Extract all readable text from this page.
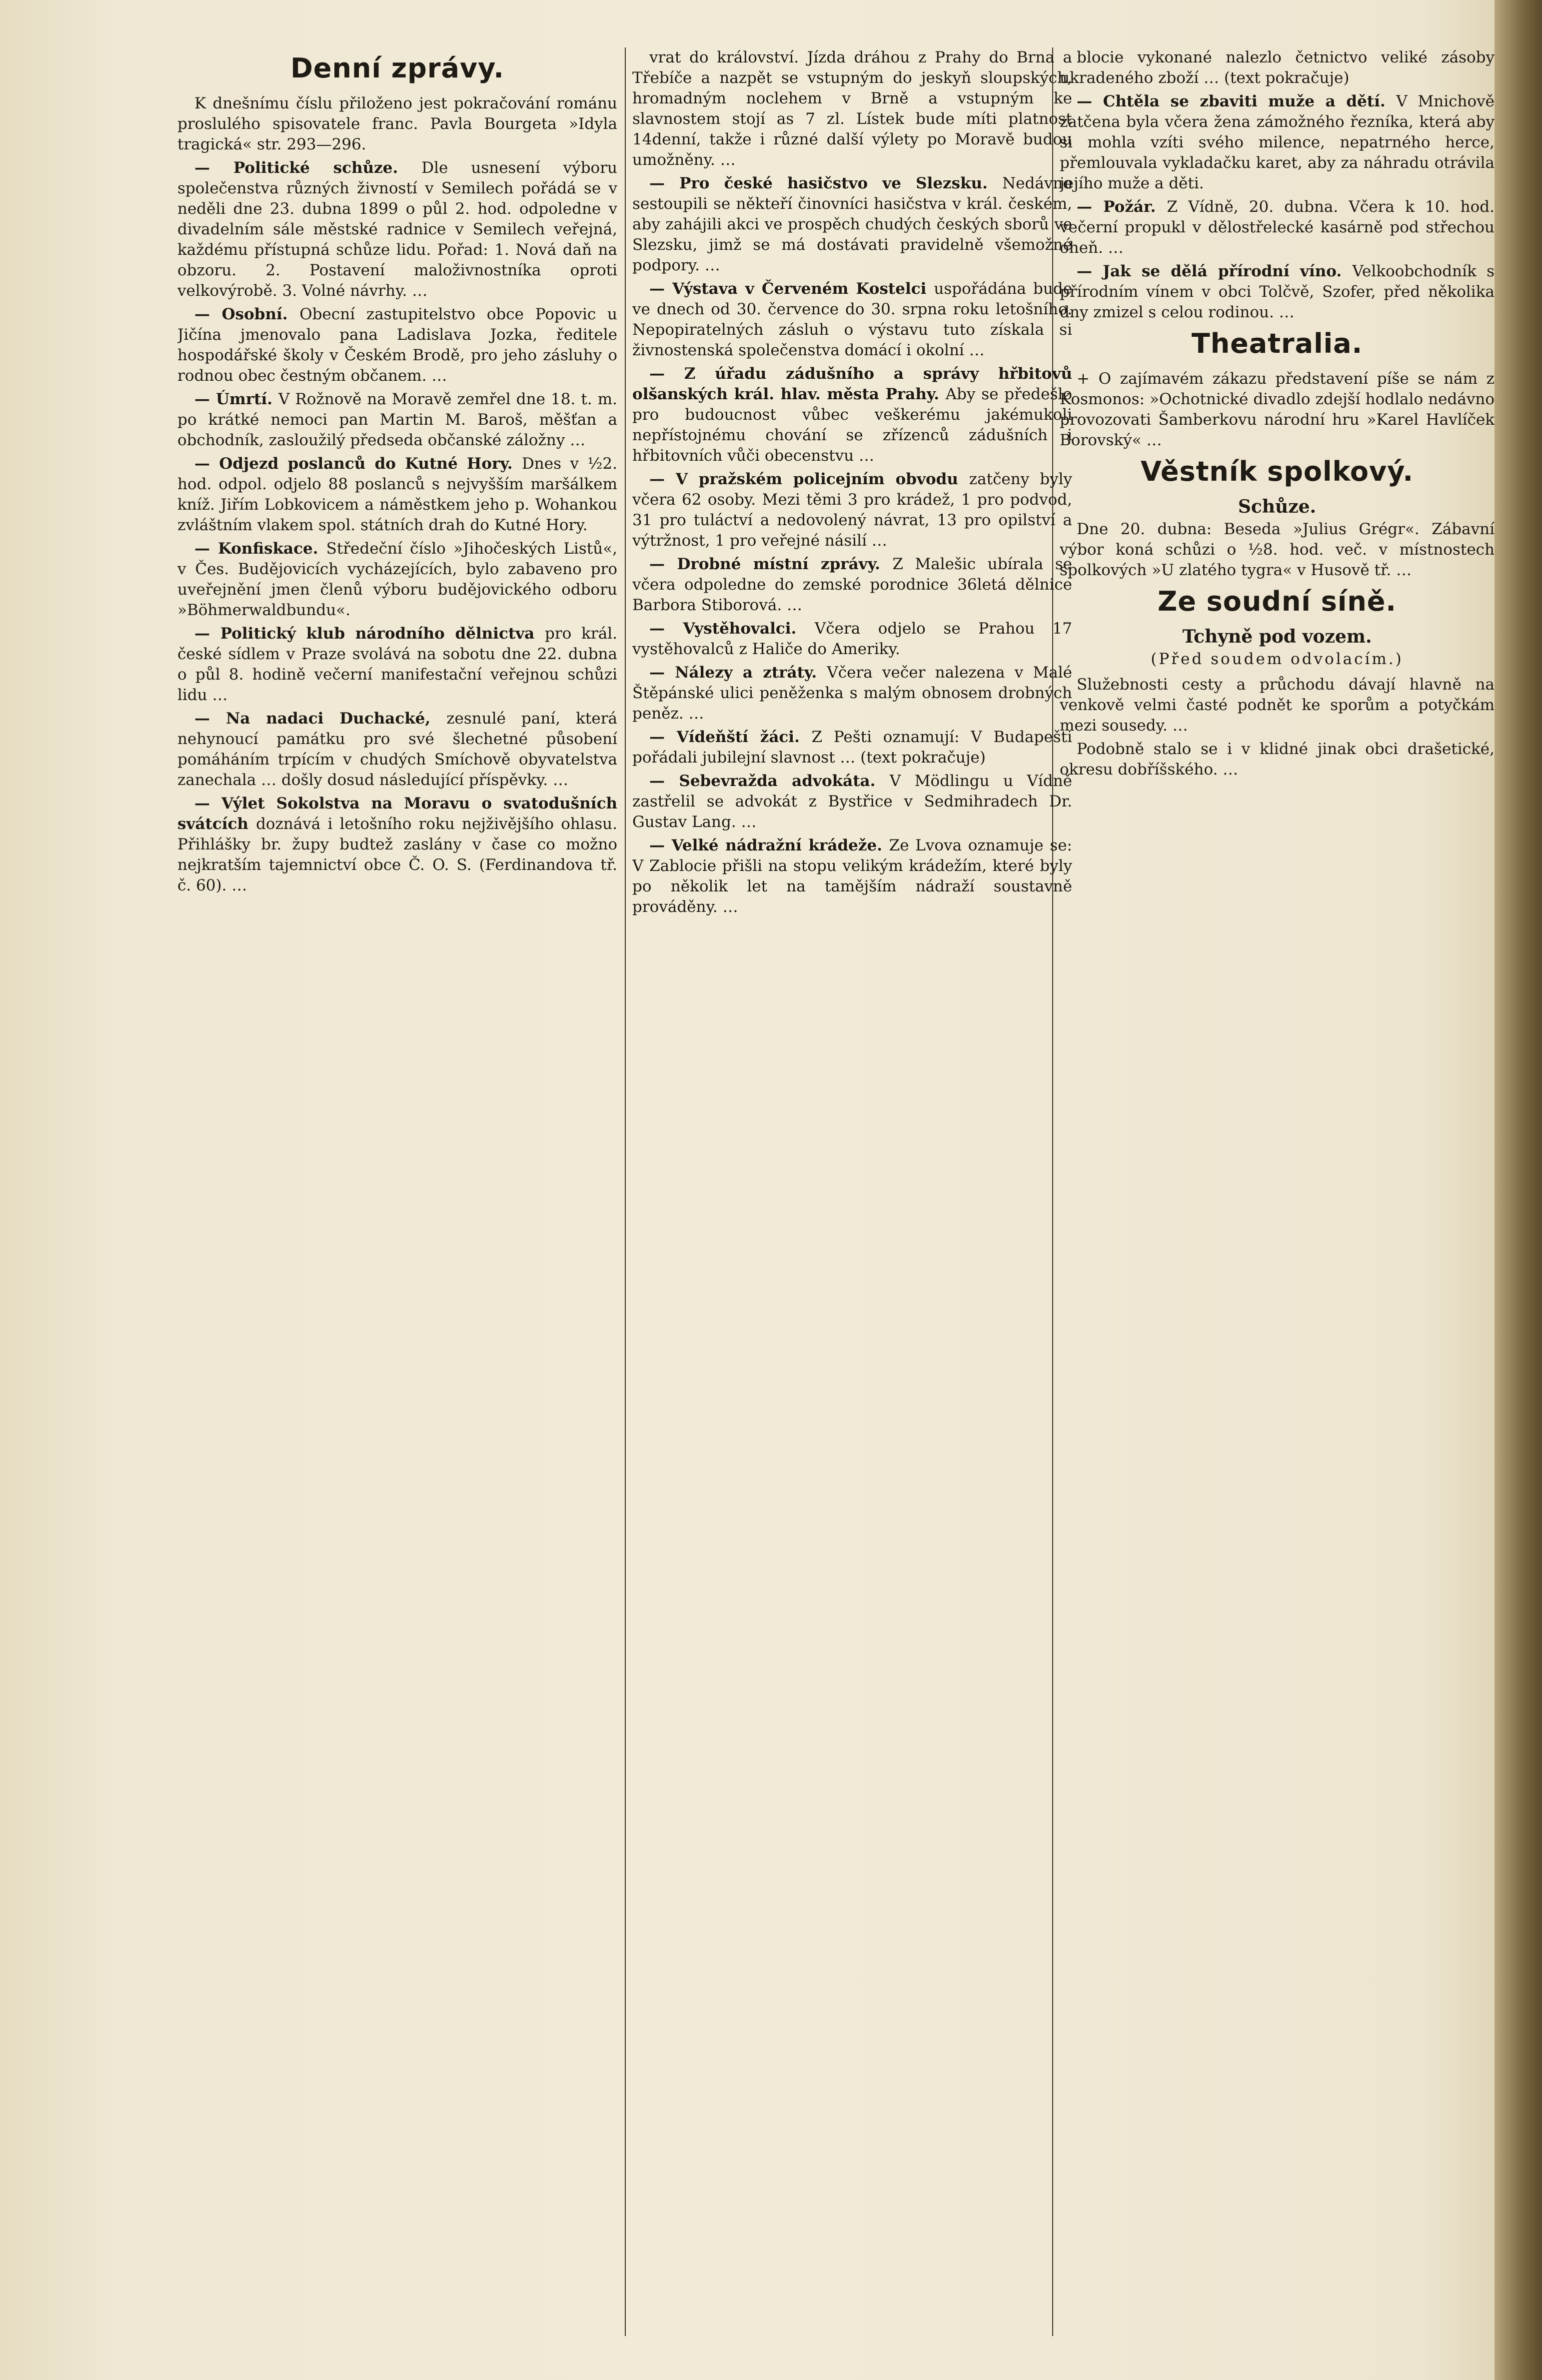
Denní zprávy.

K dnešnímu číslu přiloženo jest pokračování románu proslulého spisovatele franc. Pavla Bourgeta »Idyla tragická« str. 293—296.

— Politické schůze. Dle usnesení výboru společenstva různých živností v Semilech pořádá se v neděli dne 23. dubna 1899 o půl 2. hod. odpoledne v divadelním sále městské radnice v Semilech veřejná, každému přístupná schůze lidu. Pořad: 1. Nová daň na obzoru. 2. Postavení maloživnostníka oproti velkovýrobě. 3. Volné návrhy. …

— Osobní. Obecní zastupitelstvo obce Popovic u Jičína jmenovalo pana Ladislava Jozka, ředitele hospodářské školy v Českém Brodě, pro jeho zásluhy o rodnou obec čestným občanem. …

— Úmrtí. V Rožnově na Moravě zemřel dne 18. t. m. po krátké nemoci pan Martin M. Baroš, měšťan a obchodník, zasloužilý předseda občanské záložny …

— Odjezd poslanců do Kutné Hory. Dnes v ½2. hod. odpol. odjelo 88 poslanců s nejvyšším maršálkem kníž. Jiřím Lobkovicem a náměstkem jeho p. Wohankou zvláštním vlakem spol. státních drah do Kutné Hory.

— Konfiskace. Středeční číslo »Jihočeských Listů«, v Čes. Budějovicích vycházejících, bylo zabaveno pro uveřejnění jmen členů výboru budějovického odboru »Böhmerwaldbundu«.

— Politický klub národního dělnictva pro král. české sídlem v Praze svolává na sobotu dne 22. dubna o půl 8. hodině večerní manifestační veřejnou schůzi lidu …

— Na nadaci Duchacké, zesnulé paní, která nehynoucí památku pro své šlechetné působení pomáháním trpícím v chudých Smíchově obyvatelstva zanechala … došly dosud následující příspěvky. …

— Výlet Sokolstva na Moravu o svatodušních svátcích doznává i letošního roku nejživějšího ohlasu. Přihlášky br. župy budtež zaslány v čase co možno nejkratším tajemnictví obce Č. O. S. (Ferdinandova tř. č. 60). …

vrat do království. Jízda dráhou z Prahy do Brna a Třebíče a nazpět se vstupným do jeskyň sloupských, hromadným noclehem v Brně a vstupným ke slavnostem stojí as 7 zl. Lístek bude míti platnost 14denní, takže i různé další výlety po Moravě budou umožněny. …

— Pro české hasičstvo ve Slezsku. Nedávno sestoupili se někteří činovníci hasičstva v král. českém, aby zahájili akci ve prospěch chudých českých sborů ve Slezsku, jimž se má dostávati pravidelně všemožné podpory. …

— Výstava v Červeném Kostelci uspořádána bude ve dnech od 30. července do 30. srpna roku letošního. Nepopiratelných zásluh o výstavu tuto získala si živnostenská společenstva domácí i okolní …

— Z úřadu zádušního a správy hřbitovů olšanských král. hlav. města Prahy. Aby se předešlo pro budoucnost vůbec veškerému jakémukoli nepřístojnému chování se zřízenců zádušních i hřbitovních vůči obecenstvu …

— V pražském policejním obvodu zatčeny byly včera 62 osoby. Mezi těmi 3 pro krádež, 1 pro podvod, 31 pro tuláctví a nedovolený návrat, 13 pro opilství a výtržnost, 1 pro veřejné násilí …

— Drobné místní zprávy. Z Malešic ubírala se včera odpoledne do zemské porodnice 36letá dělnice Barbora Stiborová. …

— Vystěhovalci. Včera odjelo se Prahou 17 vystěhovalců z Haliče do Ameriky.

— Nálezy a ztráty. Včera večer nalezena v Malé Štěpánské ulici peněženka s malým obnosem drobných peněz. …

— Vídeňští žáci. Z Pešti oznamují: V Budapešti pořádali jubilejní slavnost … (text pokračuje)

— Sebevražda advokáta. V Mödlingu u Vídně zastřelil se advokát z Bystřice v Sedmihradech Dr. Gustav Lang. …

— Velké nádražní krádeže. Ze Lvova oznamuje se: V Zablocie přišli na stopu velikým krádežím, které byly po několik let na tamějším nádraží soustavně prováděny. …

blocie vykonané nalezlo četnictvo veliké zásoby ukradeného zboží … (text pokračuje)

— Chtěla se zbaviti muže a dětí. V Mnichově zatčena byla včera žena zámožného řezníka, která aby si mohla vzíti svého milence, nepatrného herce, přemlouvala vykladačku karet, aby za náhradu otrávila jejího muže a děti.

— Požár. Z Vídně, 20. dubna. Včera k 10. hod. večerní propukl v dělostřelecké kasárně pod střechou oheň. …

— Jak se dělá přírodní víno. Velkoobchodník s přírodním vínem v obci Tolčvě, Szofer, před několika dny zmizel s celou rodinou. …

Theatralia.

+ O zajímavém zákazu představení píše se nám z Kosmonos: »Ochotnické divadlo zdejší hodlalo nedávno provozovati Šamberkovu národní hru »Karel Havlíček Borovský« …

Věstník spolkový.
Schůze.

Dne 20. dubna: Beseda »Julius Grégr«. Zábavní výbor koná schůzi o ½8. hod. več. v místnostech spolkových »U zlatého tygra« v Husově tř. …

Ze soudní síně.
Tchyně pod vozem.
(Před soudem odvolacím.)

Služebnosti cesty a průchodu dávají hlavně na venkově velmi časté podnět ke sporům a potyčkám mezi sousedy. …

Podobně stalo se i v klidné jinak obci drašetické, okresu dobříšského. …
